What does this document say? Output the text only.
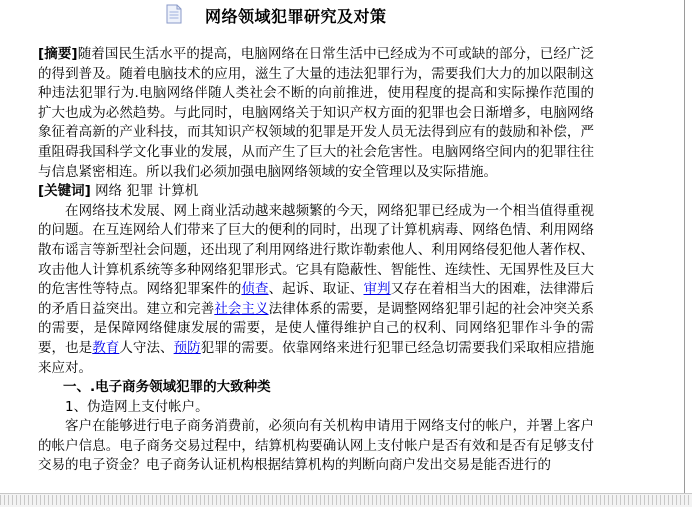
网络领域犯罪研究及对策

[摘要]随着国民生活水平的提高，电脑网络在日常生活中已经成为不可或缺的部分，已经广泛的得到普及。随着电脑技术的应用，滋生了大量的违法犯罪行为，需要我们大力的加以限制这种违法犯罪行为.电脑网络伴随人类社会不断的向前推进，使用程度的提高和实际操作范围的扩大也成为必然趋势。与此同时，电脑网络关于知识产权方面的犯罪也会日渐增多，电脑网络象征着高新的产业科技，而其知识产权领域的犯罪是开发人员无法得到应有的鼓励和补偿，严重阻碍我国科学文化事业的发展，从而产生了巨大的社会危害性。电脑网络空间内的犯罪往往与信息紧密相连。所以我们必须加强电脑网络领域的安全管理以及实际措施。

[关键词] 网络 犯罪 计算机

在网络技术发展、网上商业活动越来越频繁的今天，网络犯罪已经成为一个相当值得重视的问题。在互连网给人们带来了巨大的便利的同时，出现了计算机病毒、网络色情、利用网络散布谣言等新型社会问题，还出现了利用网络进行欺诈勒索他人、利用网络侵犯他人著作权、攻击他人计算机系统等多种网络犯罪形式。它具有隐蔽性、智能性、连续性、无国界性及巨大的危害性等特点。网络犯罪案件的侦查、起诉、取证、审判又存在着相当大的困难，法律滞后的矛盾日益突出。建立和完善社会主义法律体系的需要，是调整网络犯罪引起的社会冲突关系的需要，是保障网络健康发展的需要，是使人懂得维护自己的权利、同网络犯罪作斗争的需要，也是教育人守法、预防犯罪的需要。依靠网络来进行犯罪已经急切需要我们采取相应措施来应对。

一、.电子商务领域犯罪的大致种类

1、伪造网上支付帐户。

客户在能够进行电子商务消费前，必须向有关机构申请用于网络支付的帐户，并署上客户的帐户信息。电子商务交易过程中，结算机构要确认网上支付帐户是否有效和是否有足够支付交易的电子资金？电子商务认证机构根据结算机构的判断向商户发出交易是能否进行的
